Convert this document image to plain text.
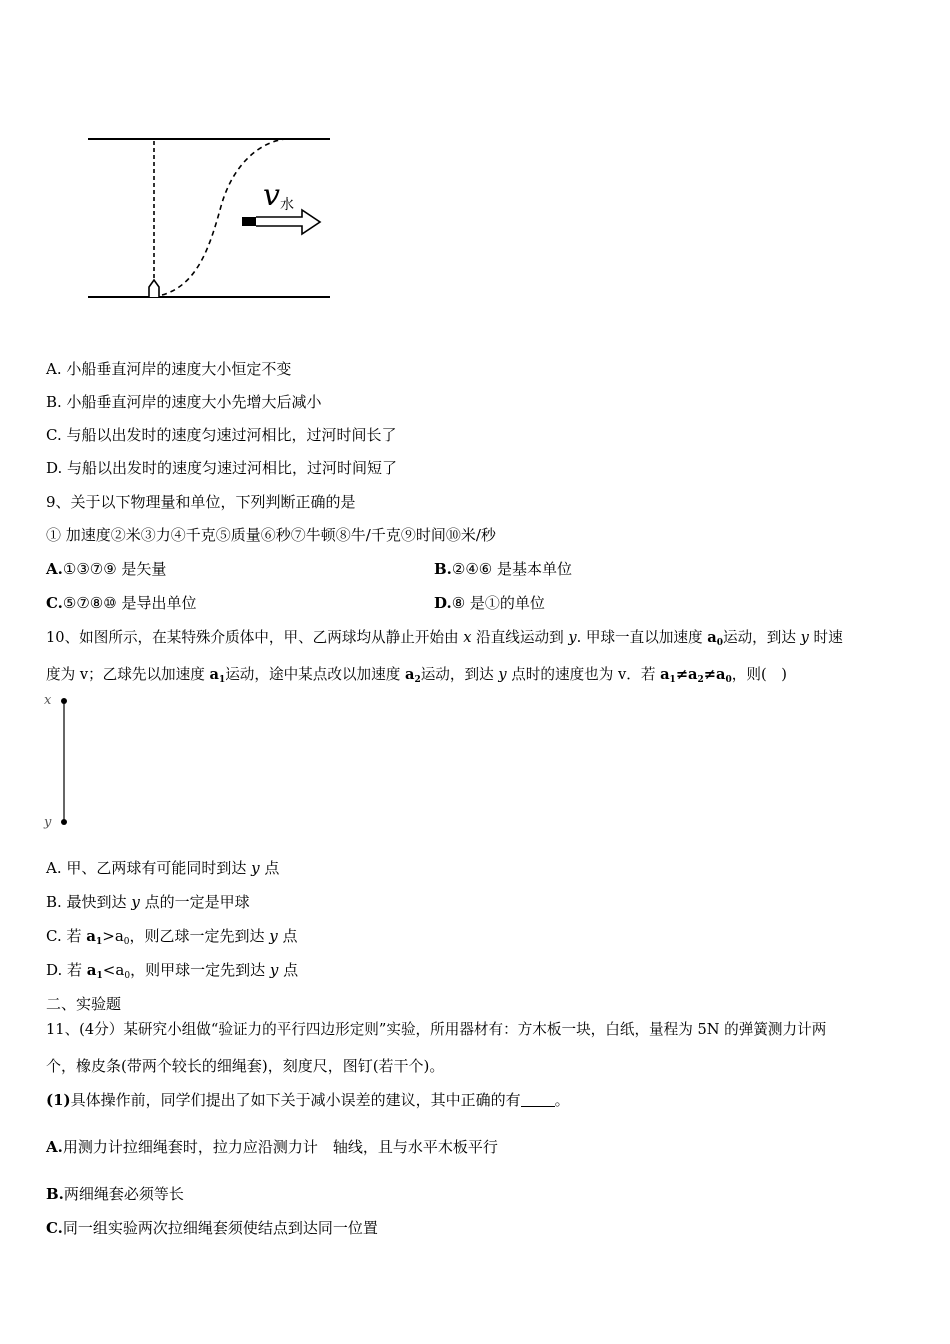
v 水
A. 小船垂直河岸的速度大小恒定不变
B. 小船垂直河岸的速度大小先增大后减小
C. 与船以出发时的速度匀速过河相比，过河时间长了
D. 与船以出发时的速度匀速过河相比，过河时间短了
9、关于以下物理量和单位，下列判断正确的是
① 加速度②米③力④千克⑤质量⑥秒⑦牛顿⑧牛/千克⑨时间⑩米/秒
A.①③⑦⑨ 是矢量	B.②④⑥ 是基本单位
C.⑤⑦⑧⑩ 是导出单位	D.⑧ 是①的单位
10、如图所示，在某特殊介质体中，甲、乙两球均从静止开始由 x 沿直线运动到 y. 甲球一直以加速度 $a_0$运动，到达 y 时速
度为 v；乙球先以加速度 $a_1$运动，途中某点改以加速度 $a_2$运动，到达 y 点时的速度也为 v．若 $a_1\ne a_2\ne a_0$，则(　)
x
y
A. 甲、乙两球有可能同时到达 y 点
B. 最快到达 y 点的一定是甲球
C. 若 $a_1>a_0$，则乙球一定先到达 y 点
D. 若 $a_1<a_0$，则甲球一定先到达 y 点
二、实验题
11、(4分）某研究小组做“验证力的平行四边形定则”实验，所用器材有：方木板一块，白纸，量程为 5N 的弹簧测力计两
个，橡皮条(带两个较长的细绳套)，刻度尺，图钉(若干个)。
(1)具体操作前，同学们提出了如下关于减小误差的建议，其中正确的有 。
A.用测力计拉细绳套时，拉力应沿测力计　轴线，且与水平木板平行
B.两细绳套必须等长
C.同一组实验两次拉细绳套须使结点到达同一位置
